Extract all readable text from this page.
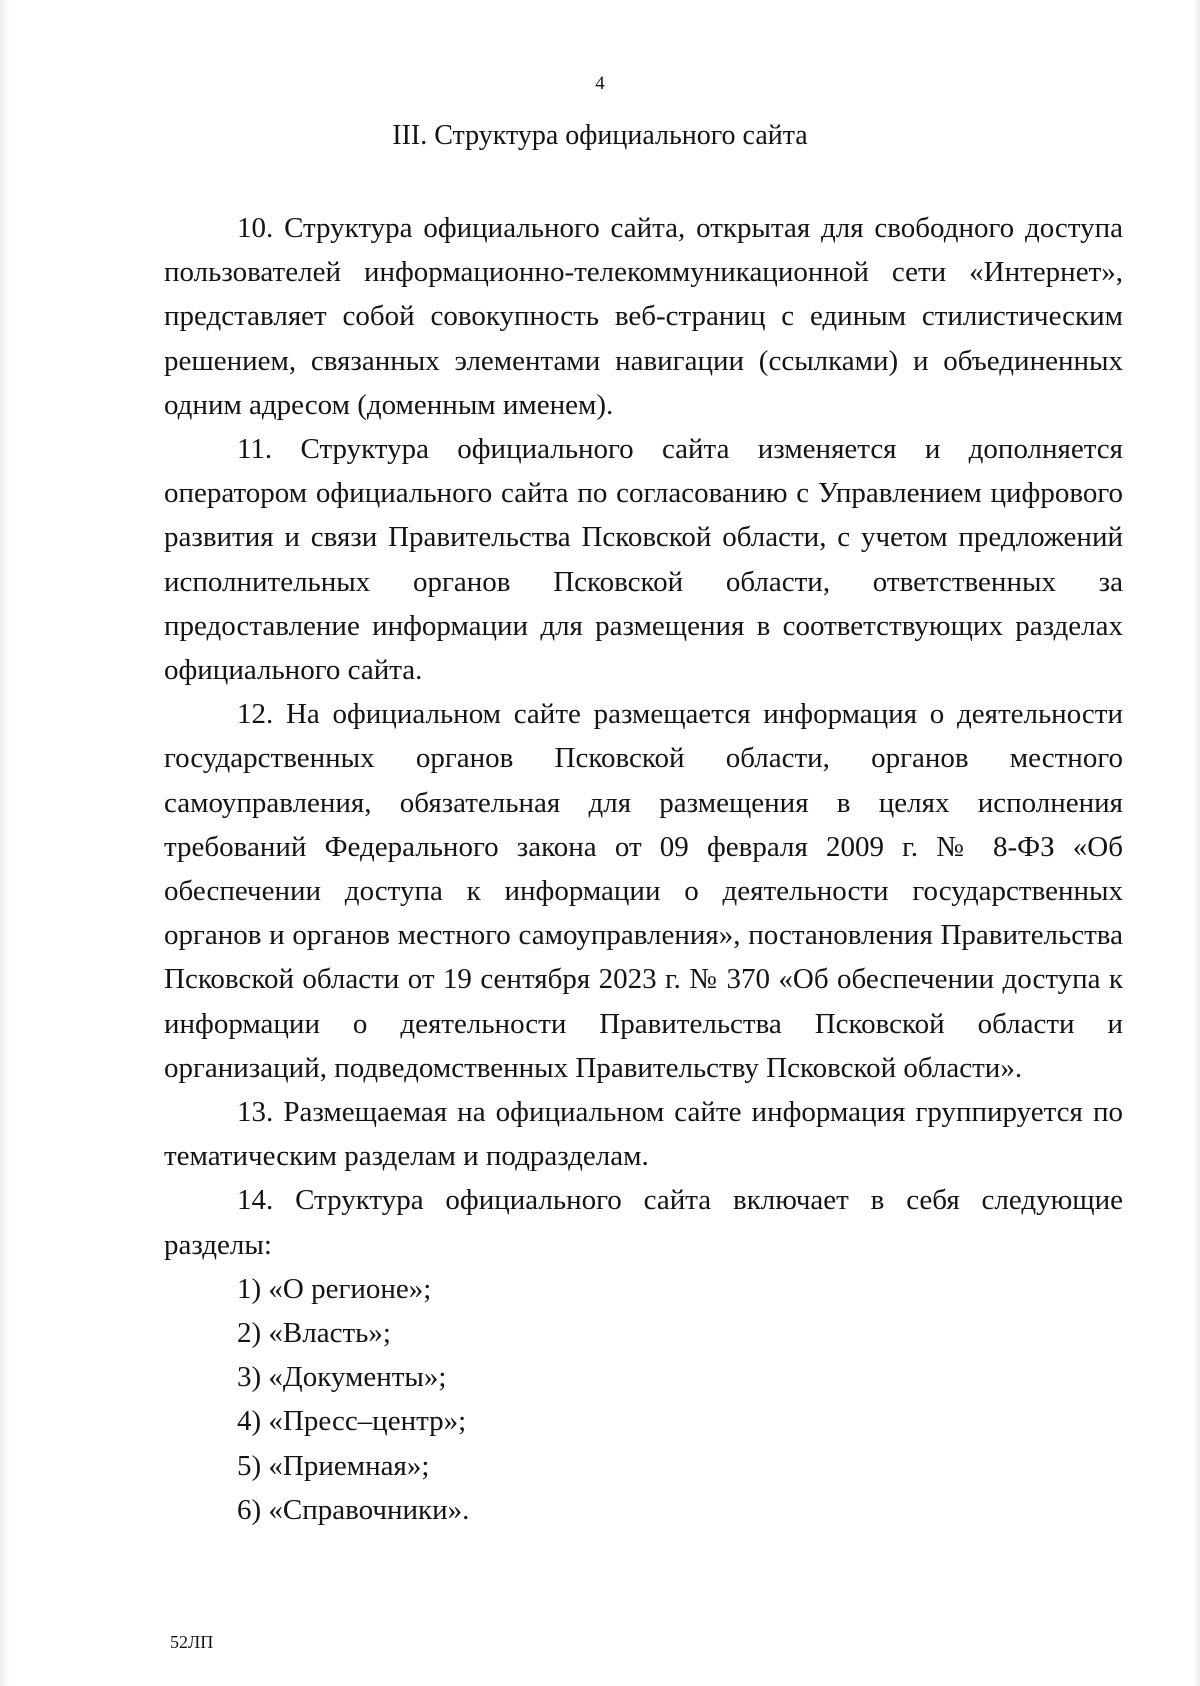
4
III. Структура официального сайта

10. Структура официального сайта, открытая для свободного доступа пользователей информационно-телекоммуникационной сети «Интернет», представляет собой совокупность веб-страниц с единым стилистическим решением, связанных элементами навигации (ссылками) и объединенных одним адресом (доменным именем).

11. Структура официального сайта изменяется и дополняется оператором официального сайта по согласованию с Управлением цифрового развития и связи Правительства Псковской области, с учетом предложений исполнительных органов Псковской области, ответственных за предоставление информации для размещения в соответствующих разделах официального сайта.

12. На официальном сайте размещается информация о деятельности государственных органов Псковской области, органов местного самоуправления, обязательная для размещения в целях исполнения требований Федерального закона от 09 февраля 2009 г. № 8-ФЗ «Об обеспечении доступа к информации о деятельности государственных органов и органов местного самоуправления», постановления Правительства Псковской области от 19 сентября 2023 г. № 370 «Об обеспечении доступа к информации о деятельности Правительства Псковской области и организаций, подведомственных Правительству Псковской области».

13. Размещаемая на официальном сайте информация группируется по тематическим разделам и подразделам.

14. Структура официального сайта включает в себя следующие разделы:

1) «О регионе»;
2) «Власть»;
3) «Документы»;
4) «Пресс–центр»;
5) «Приемная»;
6) «Справочники».
52ЛП
